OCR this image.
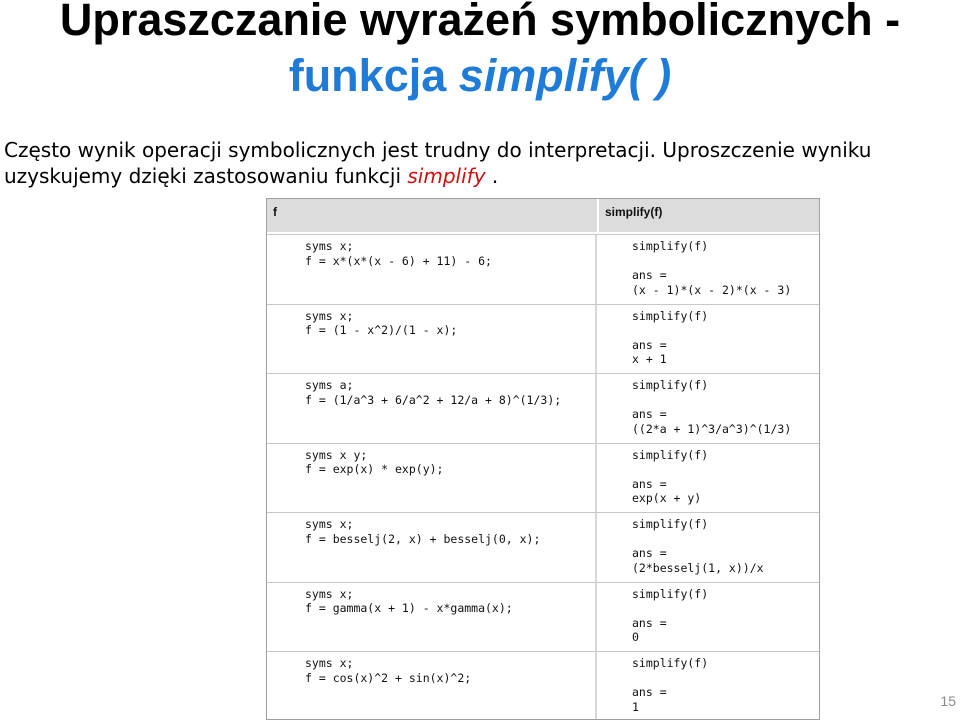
Upraszczanie wyrażeń symbolicznych -
funkcja simplify( )

Często wynik operacji symbolicznych jest trudny do interpretacji. Uproszczenie wyniku uzyskujemy dzięki zastosowaniu funkcji simplify .

f	simplify(f)
syms x;
f = x*(x*(x - 6) + 11) - 6;
simplify(f)
ans =
(x - 1)*(x - 2)*(x - 3)
syms x;
f = (1 - x^2)/(1 - x);
simplify(f)
ans =
x + 1
syms a;
f = (1/a^3 + 6/a^2 + 12/a + 8)^(1/3);
simplify(f)
ans =
((2*a + 1)^3/a^3)^(1/3)
syms x y;
f = exp(x) * exp(y);
simplify(f)
ans =
exp(x + y)
syms x;
f = besselj(2, x) + besselj(0, x);
simplify(f)
ans =
(2*besselj(1, x))/x
syms x;
f = gamma(x + 1) - x*gamma(x);
simplify(f)
ans =
0
syms x;
f = cos(x)^2 + sin(x)^2;
simplify(f)
ans =
1	15
